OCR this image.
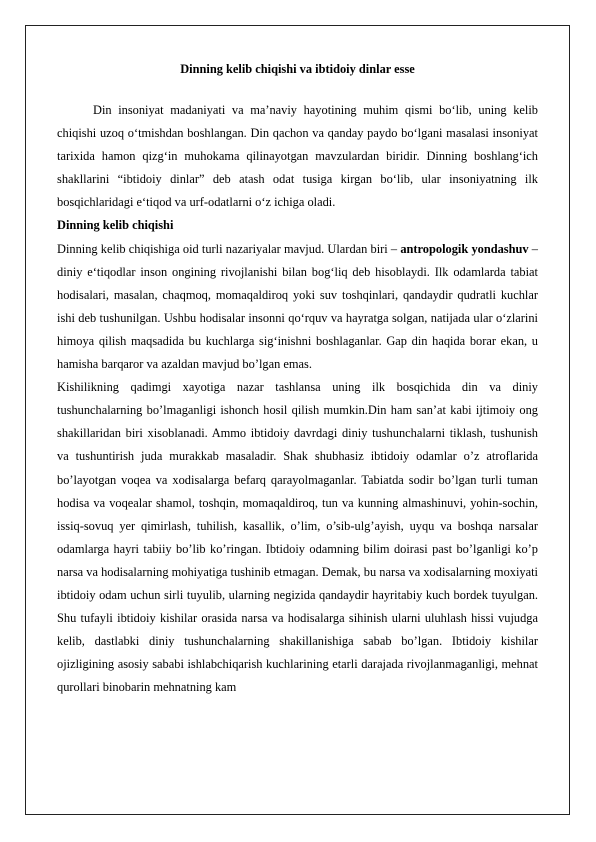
Dinning kelib chiqishi va ibtidoiy dinlar esse

Din insoniyat madaniyati va ma’naviy hayotining muhim qismi bo‘lib, uning kelib chiqishi uzoq o‘tmishdan boshlangan. Din qachon va qanday paydo bo‘lgani masalasi insoniyat tarixida hamon qizg‘in muhokama qilinayotgan mavzulardan biridir. Dinning boshlang‘ich shakllarini “ibtidoiy dinlar” deb atash odat tusiga kirgan bo‘lib, ular insoniyatning ilk bosqichlaridagi e‘tiqod va urf-odatlarni o‘z ichiga oladi.

Dinning kelib chiqishi

Dinning kelib chiqishiga oid turli nazariyalar mavjud. Ulardan biri – antropologik yondashuv – diniy e‘tiqodlar inson ongining rivojlanishi bilan bog‘liq deb hisoblaydi. Ilk odamlarda tabiat hodisalari, masalan, chaqmoq, momaqaldiroq yoki suv toshqinlari, qandaydir qudratli kuchlar ishi deb tushunilgan. Ushbu hodisalar insonni qo‘rquv va hayratga solgan, natijada ular o‘zlarini himoya qilish maqsadida bu kuchlarga sig‘inishni boshlaganlar. Gap din haqida borar ekan, u hamisha barqaror va azaldan mavjud bo’lgan emas.

Kishilikning qadimgi xayotiga nazar tashlansa uning ilk bosqichida din va diniy tushunchalarning bo’lmaganligi ishonch hosil qilish mumkin.Din ham san’at kabi ijtimoiy ong shakillaridan biri xisoblanadi. Ammo ibtidoiy davrdagi diniy tushunchalarni tiklash, tushunish va tushuntirish juda murakkab masaladir. Shak shubhasiz ibtidoiy odamlar o’z atroflarida bo’layotgan voqea va xodisalarga befarq qarayolmaganlar. Tabiatda sodir bo’lgan turli tuman hodisa va voqealar shamol, toshqin, momaqaldiroq, tun va kunning almashinuvi, yohin-sochin, issiq-sovuq yer qimirlash, tuhilish, kasallik, o’lim, o’sib-ulg’ayish, uyqu va boshqa narsalar odamlarga hayri tabiiy bo’lib ko’ringan. Ibtidoiy odamning bilim doirasi past bo’lganligi ko’p narsa va hodisalarning mohiyatiga tushinib etmagan. Demak, bu narsa va xodisalarning moxiyati ibtidoiy odam uchun sirli tuyulib, ularning negizida qandaydir hayritabiy kuch bordek tuyulgan. Shu tufayli ibtidoiy kishilar orasida narsa va hodisalarga sihinish ularni uluhlash hissi vujudga kelib, dastlabki diniy tushunchalarning shakillanishiga sabab bo’lgan. Ibtidoiy kishilar ojizligining asosiy sababi ishlabchiqarish kuchlarining etarli darajada rivojlanmaganligi, mehnat qurollari binobarin mehnatning kam
